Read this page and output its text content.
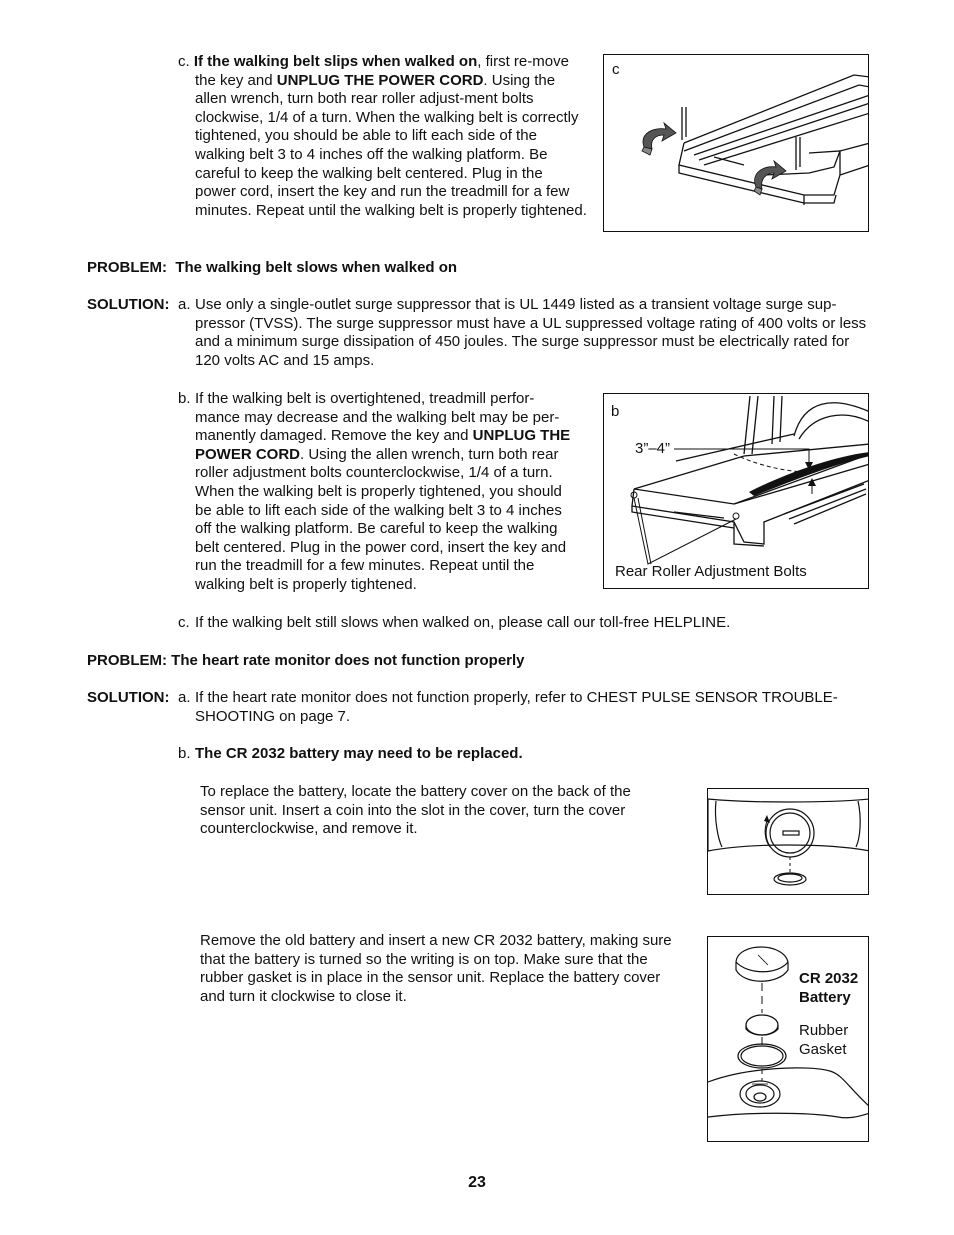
c. If the walking belt slips when walked on, first re-move the key and UNPLUG THE POWER CORD. Using the allen wrench, turn both rear roller adjust-ment bolts clockwise, 1/4 of a turn. When the walking belt is correctly tightened, you should be able to lift each side of the walking belt 3 to 4 inches off the walking platform. Be careful to keep the walking belt centered. Plug in the power cord, insert the key and run the treadmill for a few minutes. Repeat until the walking belt is properly tightened.
c
PROBLEM: The walking belt slows when walked on
SOLUTION: a. Use only a single-outlet surge suppressor that is UL 1449 listed as a transient voltage surge sup-pressor (TVSS). The surge suppressor must have a UL suppressed voltage rating of 400 volts or less and a minimum surge dissipation of 450 joules. The surge suppressor must be electrically rated for 120 volts AC and 15 amps.
b. If the walking belt is overtightened, treadmill perfor-mance may decrease and the walking belt may be per-manently damaged. Remove the key and UNPLUG THE POWER CORD. Using the allen wrench, turn both rear roller adjustment bolts counterclockwise, 1/4 of a turn. When the walking belt is properly tightened, you should be able to lift each side of the walking belt 3 to 4 inches off the walking platform. Be careful to keep the walking belt centered. Plug in the power cord, insert the key and run the treadmill for a few minutes. Repeat until the walking belt is properly tightened.
b
3”–4”
Rear Roller Adjustment Bolts
c. If the walking belt still slows when walked on, please call our toll-free HELPLINE.
PROBLEM: The heart rate monitor does not function properly
SOLUTION: a. If the heart rate monitor does not function properly, refer to CHEST PULSE SENSOR TROUBLE-SHOOTING on page 7.
b. The CR 2032 battery may need to be replaced.
To replace the battery, locate the battery cover on the back of the sensor unit. Insert a coin into the slot in the cover, turn the cover counterclockwise, and remove it.
Remove the old battery and insert a new CR 2032 battery, making sure that the battery is turned so the writing is on top. Make sure that the rubber gasket is in place in the sensor unit. Replace the battery cover and turn it clockwise to close it.
CR 2032 Battery
Rubber Gasket
23
